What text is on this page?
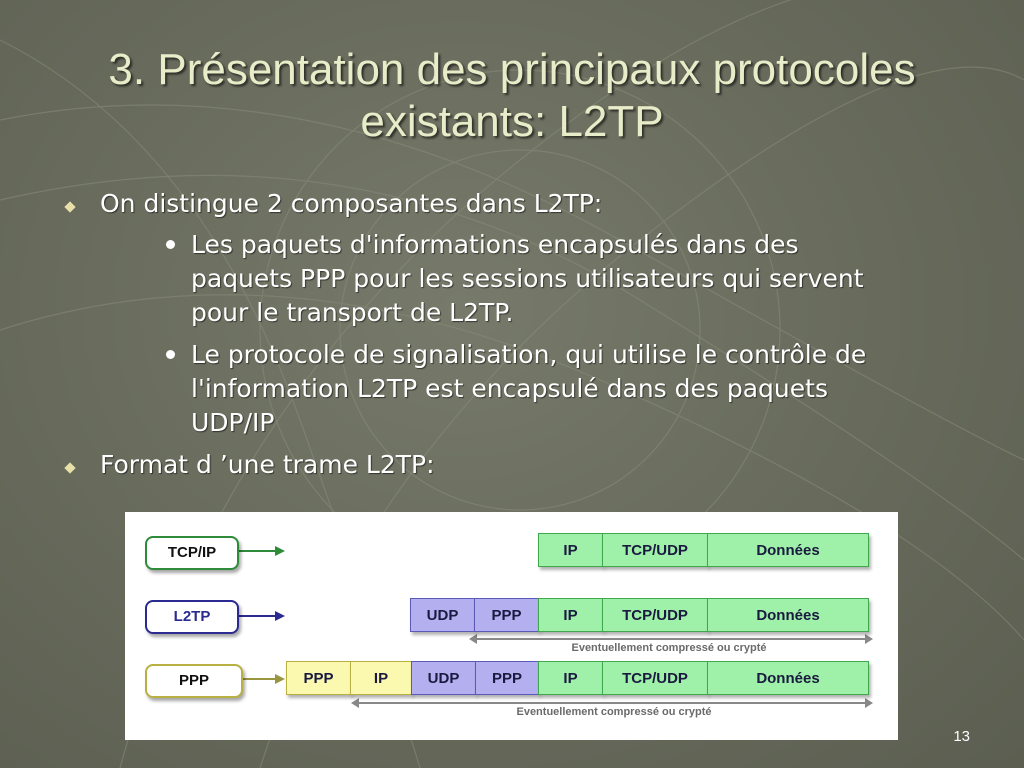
3. Présentation des principaux protocoles
existants: L2TP
On distingue 2 composantes dans L2TP:
Les paquets d'informations encapsulés dans des
paquets PPP pour les sessions utilisateurs qui servent
pour le transport de L2TP.
Le protocole de signalisation, qui utilise le contrôle de
l'information L2TP est encapsulé dans des paquets
UDP/IP
Format d ’une trame L2TP:
TCP/IP	IP	TCP/UDP	Données
L2TP	UDP	PPP	IP	TCP/UDP	Données
Eventuellement compressé ou crypté
PPP	PPP	IP	UDP	PPP	IP	TCP/UDP	Données
Eventuellement compressé ou crypté
13
